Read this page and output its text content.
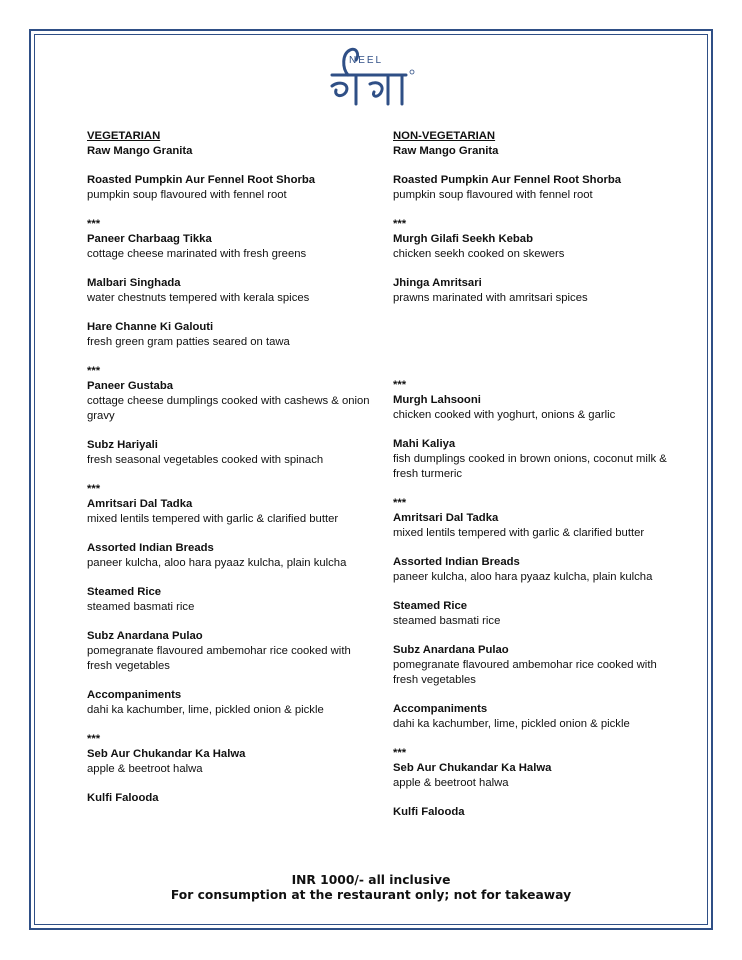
NEEL
VEGETARIAN
Raw Mango Granita
Roasted Pumpkin Aur Fennel Root Shorba
pumpkin soup flavoured with fennel root
***
Paneer Charbaag Tikka
cottage cheese marinated with fresh greens
Malbari Singhada
water chestnuts tempered with kerala spices
Hare Channe Ki Galouti
fresh green gram patties seared on tawa
***
Paneer Gustaba
cottage cheese dumplings cooked with cashews & onion gravy
Subz Hariyali
fresh seasonal vegetables cooked with spinach
***
Amritsari Dal Tadka
mixed lentils tempered with garlic & clarified butter
Assorted Indian Breads
paneer kulcha, aloo hara pyaaz kulcha, plain kulcha
Steamed Rice
steamed basmati rice
Subz Anardana Pulao
pomegranate flavoured ambemohar rice cooked with fresh vegetables
Accompaniments
dahi ka kachumber, lime, pickled onion & pickle
***
Seb Aur Chukandar Ka Halwa
apple & beetroot halwa
Kulfi Falooda
NON-VEGETARIAN
Raw Mango Granita
Roasted Pumpkin Aur Fennel Root Shorba
pumpkin soup flavoured with fennel root
***
Murgh Gilafi Seekh Kebab
chicken seekh cooked on skewers
Jhinga Amritsari
prawns marinated with amritsari spices

***
Murgh Lahsooni
chicken cooked with yoghurt, onions & garlic
Mahi Kaliya
fish dumplings cooked in brown onions, coconut milk & fresh turmeric
***
Amritsari Dal Tadka
mixed lentils tempered with garlic & clarified butter
Assorted Indian Breads
paneer kulcha, aloo hara pyaaz kulcha, plain kulcha
Steamed Rice
steamed basmati rice
Subz Anardana Pulao
pomegranate flavoured ambemohar rice cooked with fresh vegetables
Accompaniments
dahi ka kachumber, lime, pickled onion & pickle
***
Seb Aur Chukandar Ka Halwa
apple & beetroot halwa
Kulfi Falooda
INR 1000/- all inclusive
For consumption at the restaurant only; not for takeaway
